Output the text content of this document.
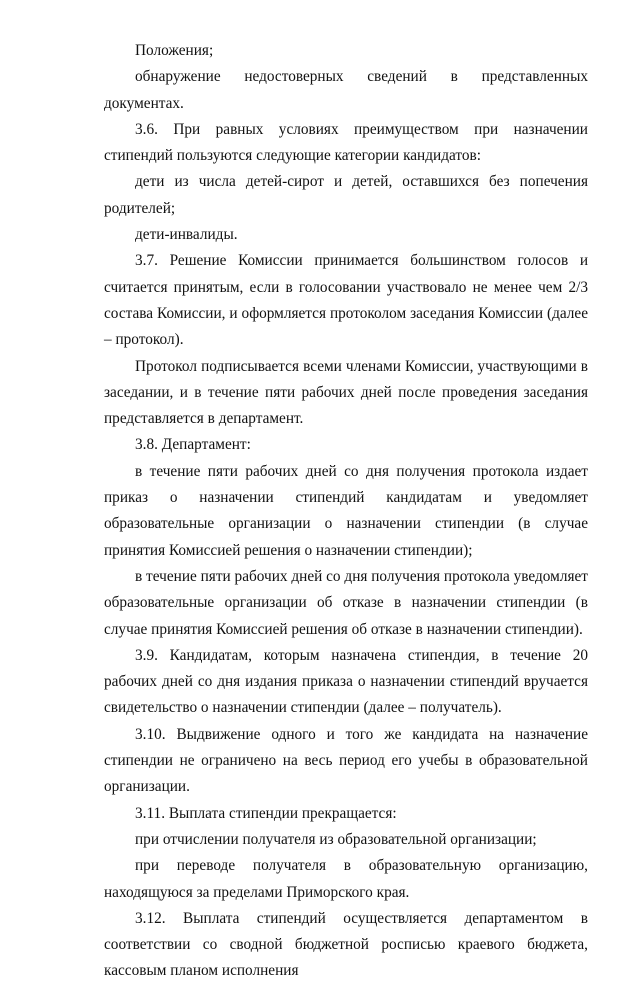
Положения;

обнаружение недостоверных сведений в представленных документах.

3.6. При равных условиях преимуществом при назначении стипендий пользуются следующие категории кандидатов:

дети из числа детей-сирот и детей, оставшихся без попечения родителей;

дети-инвалиды.

3.7. Решение Комиссии принимается большинством голосов и считается принятым, если в голосовании участвовало не менее чем 2/3 состава Комиссии, и оформляется протоколом заседания Комиссии (далее – протокол).

Протокол подписывается всеми членами Комиссии, участвующими в заседании, и в течение пяти рабочих дней после проведения заседания представляется в департамент.

3.8. Департамент:

в течение пяти рабочих дней со дня получения протокола издает приказ о назначении стипендий кандидатам и уведомляет образовательные организации о назначении стипендии (в случае принятия Комиссией решения о назначении стипендии);

в течение пяти рабочих дней со дня получения протокола уведомляет образовательные организации об отказе в назначении стипендии (в случае принятия Комиссией решения об отказе в назначении стипендии).

3.9. Кандидатам, которым назначена стипендия, в течение 20 рабочих дней со дня издания приказа о назначении стипендий вручается свидетельство о назначении стипендии (далее – получатель).

3.10. Выдвижение одного и того же кандидата на назначение стипендии не ограничено на весь период его учебы в образовательной организации.

3.11. Выплата стипендии прекращается:

при отчислении получателя из образовательной организации;

при переводе получателя в образовательную организацию, находящуюся за пределами Приморского края.

3.12. Выплата стипендий осуществляется департаментом в соответствии со сводной бюджетной росписью краевого бюджета, кассовым планом исполнения
